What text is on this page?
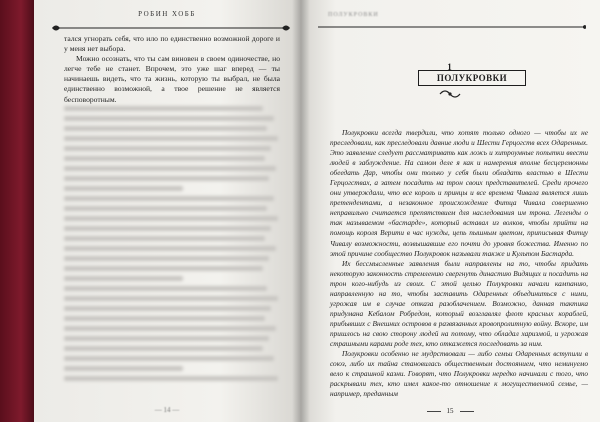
РОБИН ХОББ

тался угнорать себя, что ило по единственно возможной дороге и у меня нет выбора.

Можно осознать, что ты сам виновен в своем одиночестве, но легче тебе не станет. Впрочем, это уже шаг вперед — ты начинаешь видеть, что та жизнь, которую ты выбрал, не была единственно возможной, а твое решение не является бесповоротным.

— 14 —
ПОЛУКРОВКИ
1
ПОЛУКРОВКИ

Полукровки всегда твердили, что хотят только одного — чтобы их не преследовали, как преследовали давние люди и Шести Герцогств всех Одаренных. Это заявление следует рассматривать как ложь и хитроумные попытки ввести людей в заблуждение. На самом деле я как и намерения вполне бесцеремонны обеедать Дар, чтобы они только у себя были обладать властью в Шести Герцогствах, а затем посадить на трон своих представителей. Среди прочего они утверждали, что все король и принцы и все времена Чивала является лишь претендентами, а незаконное происхождение Фитца Чивала совершенно неправильно считается препятствием для наследования им трона. Легенды о так называемом «бастарде», который вставал из волков, чтобы прийти на помощь короля Верити в час нужды, цепь пышным цветом, приписывая Фитцу Чивалу возможности, возвышавшие его почти до уровня божества. Именно по этой причине сообщество Полукровок называли также и Культом Бастарда.

Их бессмысленные заявления были направлены на то, чтобы придать некоторую законность стремлению свергнуть династию Видящих и посадить на трон кого-нибудь из своих. С этой целью Полукровки начали кампанию, направленную на то, чтобы заставить Одаренных объединиться с ними, угрожая им в случае отказа разоблачением. Возможно, данная тактика придумана Кебалом Робредом, который возглавлял флот красных кораблей, прибывших с Внешних островов в развязанных кровопролитную войну. Вскоре, им пришлось на свою сторону людей на потому, что обладал харизмой, и угрожая страшными карами роде тех, кто откажется последовать за ним.

Полукровки особенно не мудрствовали — либо семьи Одаренных вступили в союз, либо их тайна становилась общественным достоянием, что неминуемо вело к страшной казни. Говорят, что Полукровки нередко начинали с того, что раскрывали тех, кто имел какое-то отношение к могущественной семье, — например, преданным

15
